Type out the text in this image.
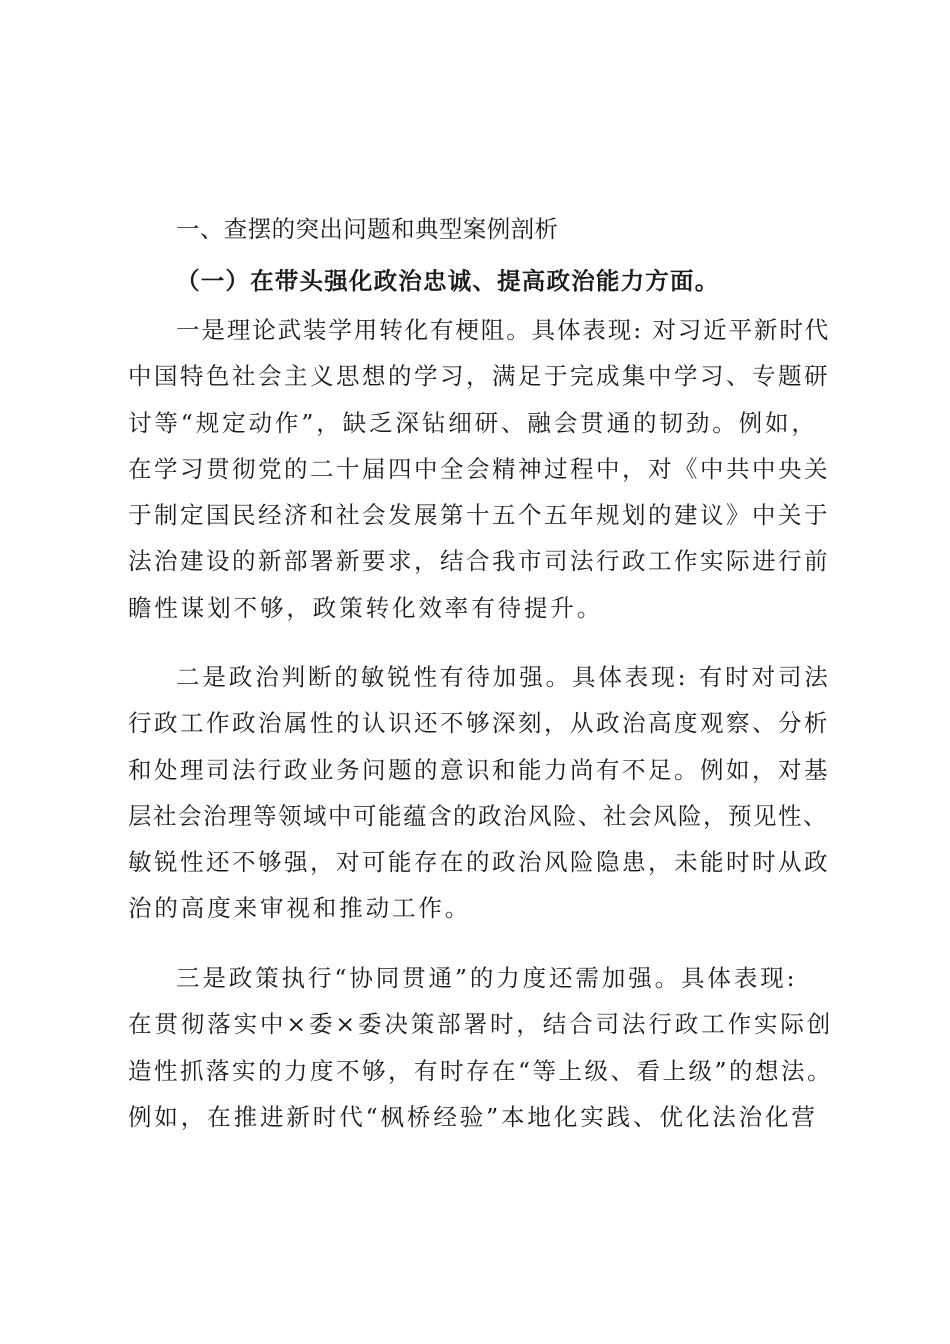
一、查摆的突出问题和典型案例剖析
（一）在带头强化政治忠诚、提高政治能力方面。
一是理论武装学用转化有梗阻。具体表现: 对习近平新时代
中国特色社会主义思想的学习，满足于完成集中学习、专题研
讨等“规定动作”，缺乏深钻细研、融会贯通的韧劲。例如，
在学习贯彻党的二十届四中全会精神过程中，对《中共中央关
于制定国民经济和社会发展第十五个五年规划的建议》中关于
法治建设的新部署新要求，结合我市司法行政工作实际进行前
瞻性谋划不够，政策转化效率有待提升。
二是政治判断的敏锐性有待加强。具体表现: 有时对司法
行政工作政治属性的认识还不够深刻，从政治高度观察、分析
和处理司法行政业务问题的意识和能力尚有不足。例如，对基
层社会治理等领域中可能蕴含的政治风险、社会风险，预见性、
敏锐性还不够强，对可能存在的政治风险隐患，未能时时从政
治的高度来审视和推动工作。
三是政策执行“协同贯通”的力度还需加强。具体表现:
在贯彻落实中×委×委决策部署时，结合司法行政工作实际创
造性抓落实的力度不够，有时存在“等上级、看上级”的想法。
例如，在推进新时代“枫桥经验”本地化实践、优化法治化营
